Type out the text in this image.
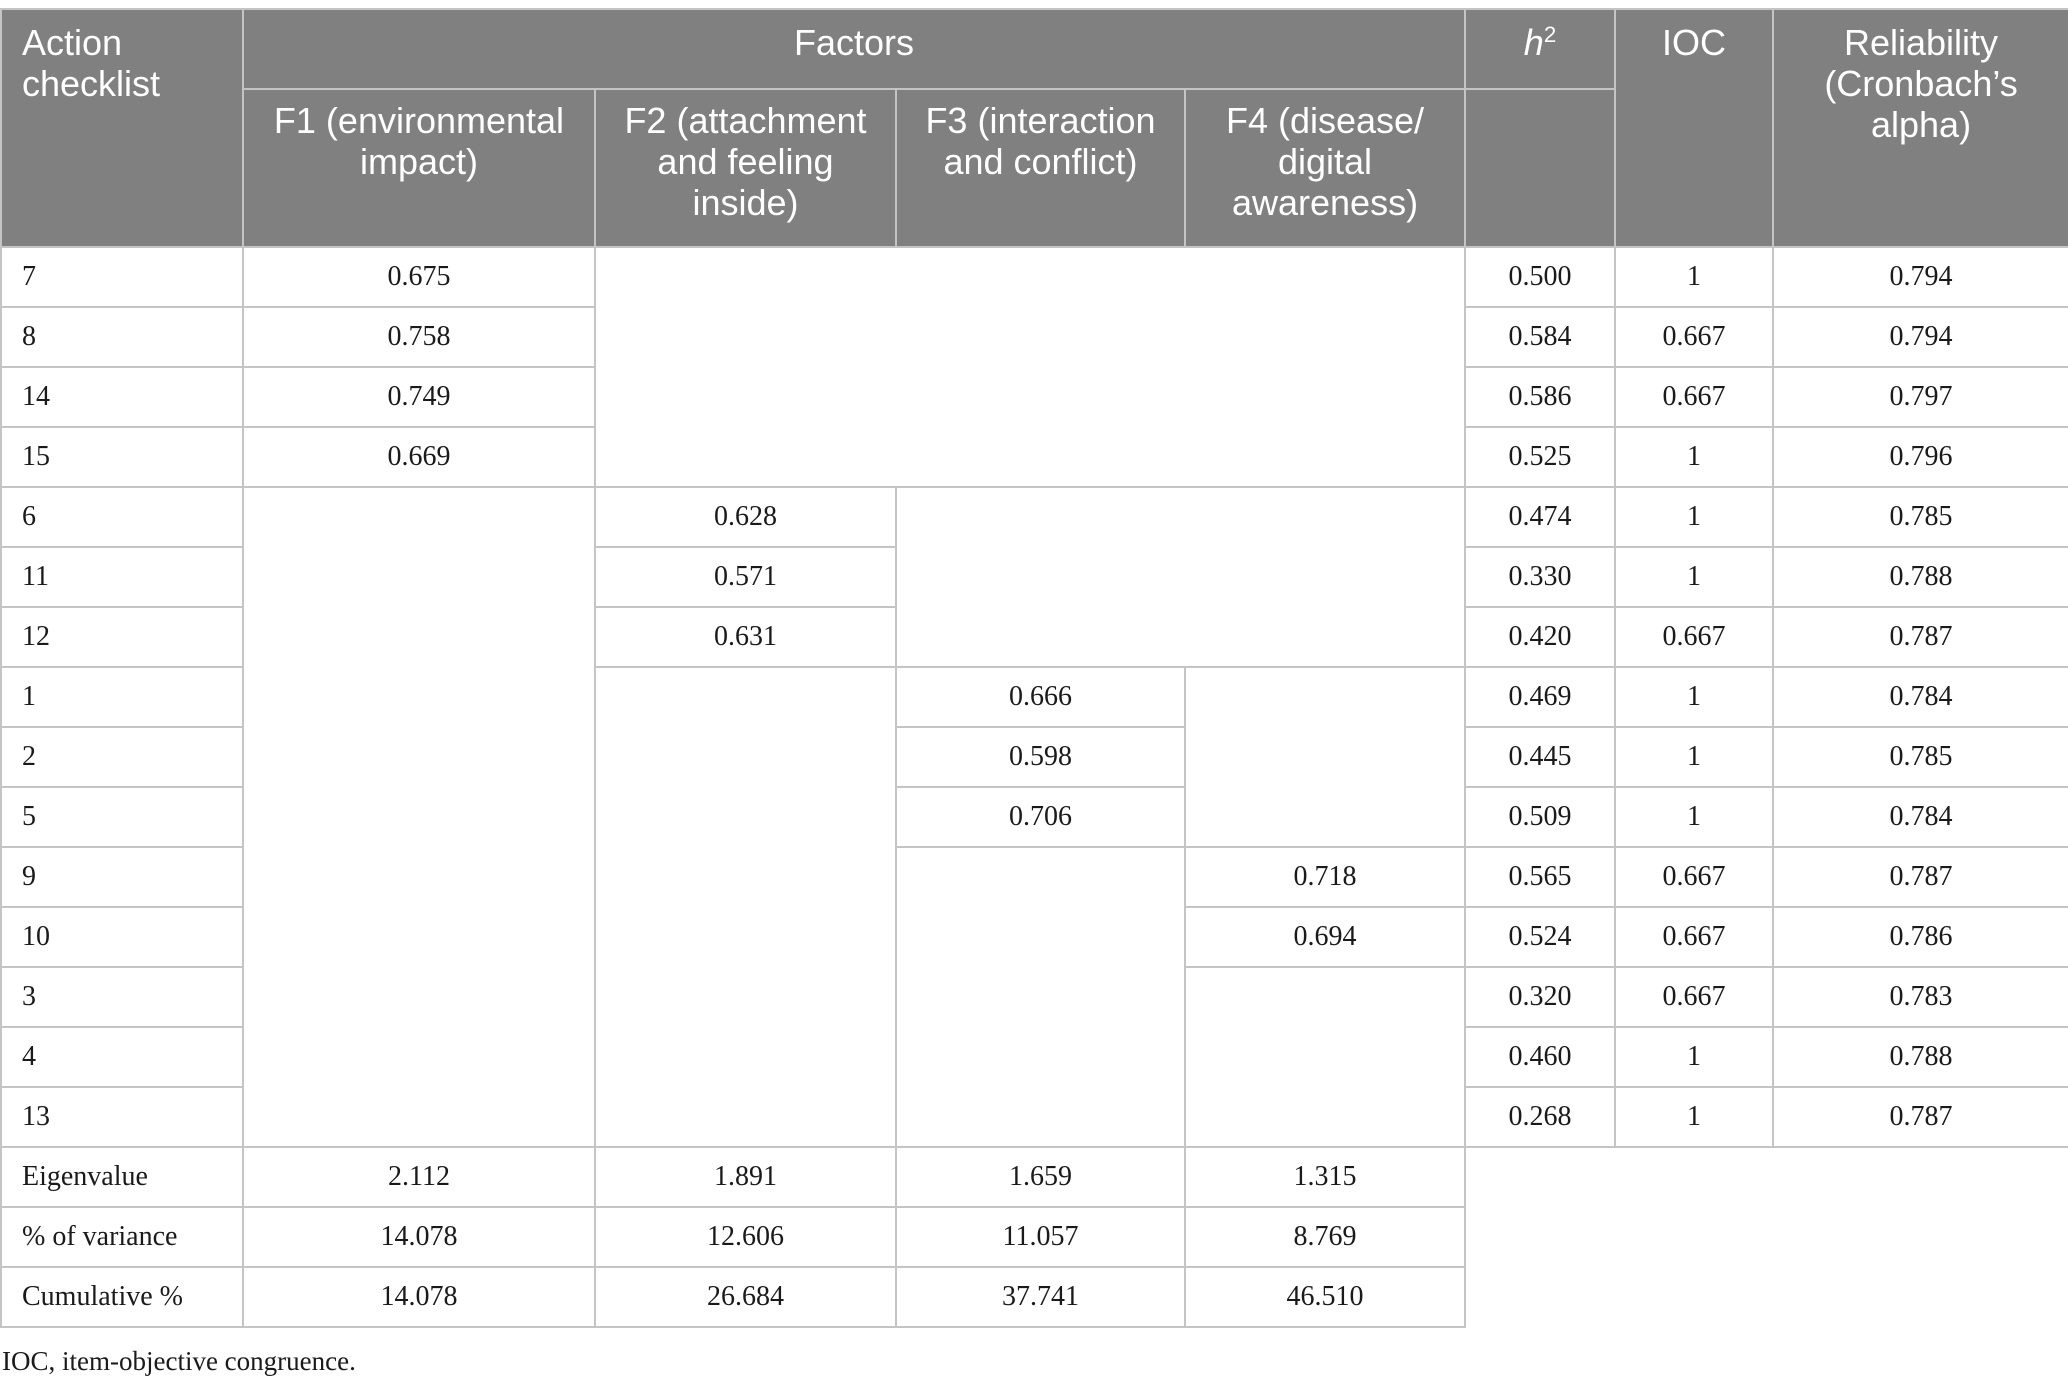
Action checklist	Factors				$h^2$	IOC	Reliability (Cronbach’s alpha)
	F1 (environmental impact)	F2 (attachment and feeling inside)	F3 (interaction and conflict)	F4 (disease/ digital awareness)			
7	0.675				0.500	1	0.794
8	0.758				0.584	0.667	0.794
14	0.749				0.586	0.667	0.797
15	0.669				0.525	1	0.796
6		0.628			0.474	1	0.785
11		0.571			0.330	1	0.788
12		0.631			0.420	0.667	0.787
1			0.666		0.469	1	0.784
2			0.598		0.445	1	0.785
5			0.706		0.509	1	0.784
9				0.718	0.565	0.667	0.787
10				0.694	0.524	0.667	0.786
3					0.320	0.667	0.783
4					0.460	1	0.788
13					0.268	1	0.787
Eigenvalue	2.112	1.891	1.659	1.315			
% of variance	14.078	12.606	11.057	8.769			
Cumulative %	14.078	26.684	37.741	46.510			

IOC, item-objective congruence.
